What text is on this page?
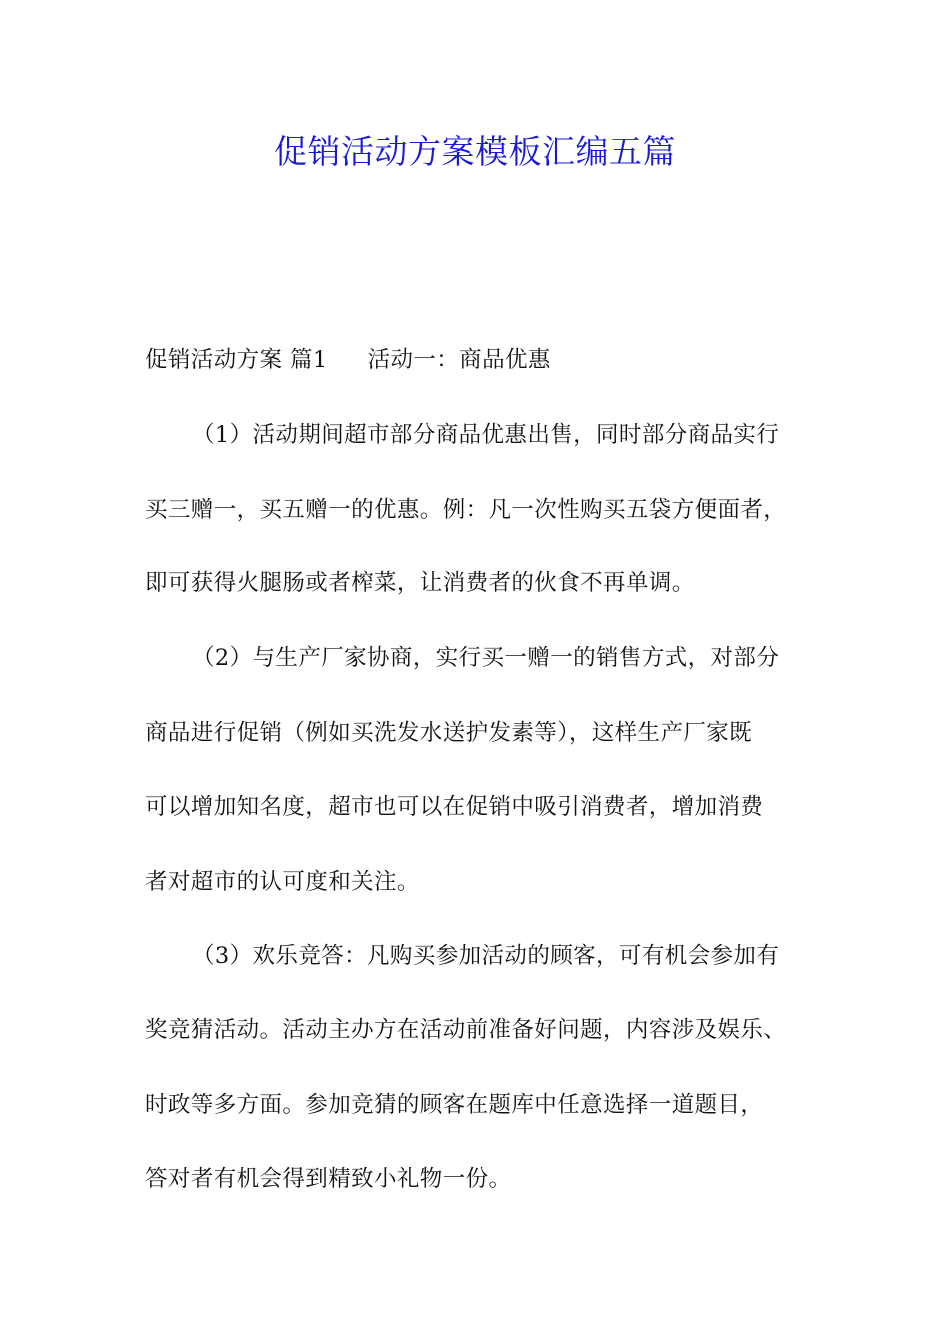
促销活动方案模板汇编五篇
促销活动方案 篇1 活动一：商品优惠
（1）活动期间超市部分商品优惠出售，同时部分商品实行
买三赠一，买五赠一的优惠。例：凡一次性购买五袋方便面者，
即可获得火腿肠或者榨菜，让消费者的伙食不再单调。
（2）与生产厂家协商，实行买一赠一的销售方式，对部分
商品进行促销（例如买洗发水送护发素等），这样生产厂家既
可以增加知名度，超市也可以在促销中吸引消费者，增加消费
者对超市的认可度和关注。
（3）欢乐竞答：凡购买参加活动的顾客，可有机会参加有
奖竞猜活动。活动主办方在活动前准备好问题，内容涉及娱乐、
时政等多方面。参加竞猜的顾客在题库中任意选择一道题目，
答对者有机会得到精致小礼物一份。
